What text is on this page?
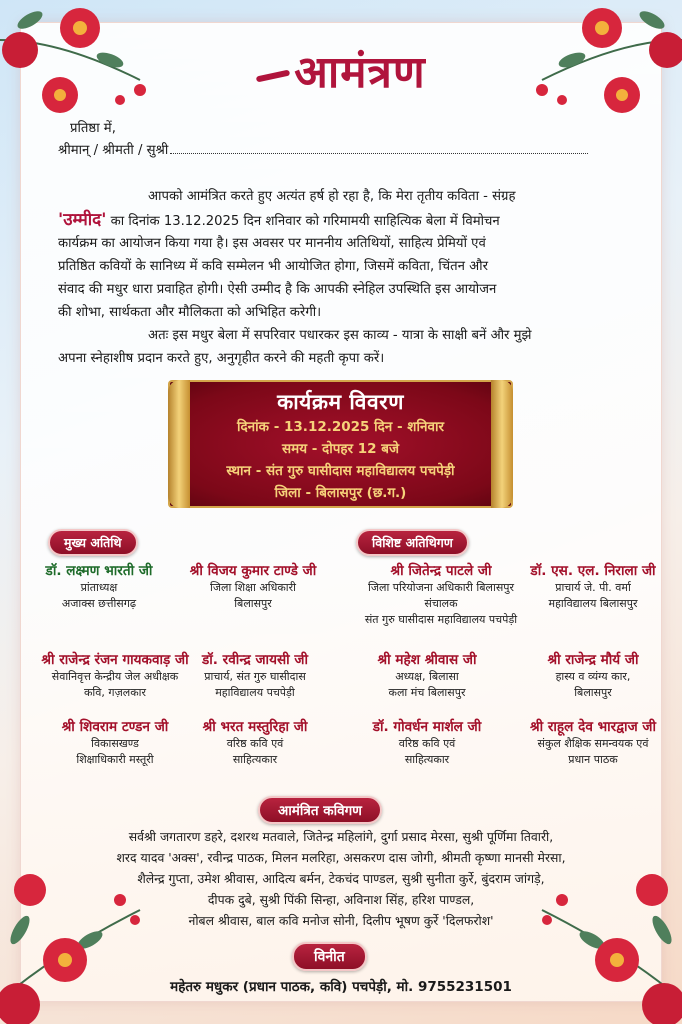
आमंत्रण
प्रतिष्ठा में,
श्रीमान् / श्रीमती / सुश्री
आपको आमंत्रित करते हुए अत्यंत हर्ष हो रहा है, कि मेरा तृतीय कविता - संग्रह
'उम्मीद' का दिनांक 13.12.2025 दिन शनिवार को गरिमामयी साहित्यिक बेला में विमोचन
कार्यक्रम का आयोजन किया गया है। इस अवसर पर माननीय अतिथियों, साहित्य प्रेमियों एवं
प्रतिष्ठित कवियों के सानिध्य में कवि सम्मेलन भी आयोजित होगा, जिसमें कविता, चिंतन और
संवाद की मधुर धारा प्रवाहित होगी। ऐसी उम्मीद है कि आपकी स्नेहिल उपस्थिति इस आयोजन
की शोभा, सार्थकता और मौलिकता को अभिहित करेगी।
अतः इस मधुर बेला में सपरिवार पधारकर इस काव्य - यात्रा के साक्षी बनें और मुझे
अपना स्नेहाशीष प्रदान करते हुए, अनुगृहीत करने की महती कृपा करें।
कार्यक्रम विवरण
दिनांक - 13.12.2025 दिन - शनिवार
समय - दोपहर 12 बजे
स्थान - संत गुरु घासीदास महाविद्यालय पचपेड़ी
जिला - बिलासपुर (छ.ग.)
मुख्य अतिथि	विशिष्ट अतिथिगण
डॉ. लक्ष्मण भारती जी
प्रांताध्यक्ष
अजाक्स छत्तीसगढ़
श्री विजय कुमार टाण्डे जी
जिला शिक्षा अधिकारी
बिलासपुर
श्री जितेन्द्र पाटले जी
जिला परियोजना अधिकारी बिलासपुर
संचालक
संत गुरु घासीदास महाविद्यालय पचपेड़ी
डॉ. एस. एल. निराला जी
प्राचार्य जे. पी. वर्मा
महाविद्यालय बिलासपुर
श्री राजेन्द्र रंजन गायकवाड़ जी
सेवानिवृत्त केन्द्रीय जेल अधीक्षक
कवि, गज़लकार
डॉ. रवीन्द्र जायसी जी
प्राचार्य, संत गुरु घासीदास
महाविद्यालय पचपेड़ी
श्री महेश श्रीवास जी
अध्यक्ष, बिलासा
कला मंच बिलासपुर
श्री राजेन्द्र मौर्य जी
हास्य व व्यंग्य कार,
बिलासपुर
श्री शिवराम टण्डन जी
विकासखण्ड
शिक्षाधिकारी मस्तूरी
श्री भरत मस्तुरिहा जी
वरिष्ठ कवि एवं
साहित्यकार
डॉ. गोवर्धन मार्शल जी
वरिष्ठ कवि एवं
साहित्यकार
श्री राहूल देव भारद्वाज जी
संकुल शैक्षिक समन्वयक एवं
प्रधान पाठक
आमंत्रित कविगण
सर्वश्री जगतारण डहरे, दशरथ मतवाले, जितेन्द्र महिलांगे, दुर्गा प्रसाद मेरसा, सुश्री पूर्णिमा तिवारी,
शरद यादव 'अक्स', रवीन्द्र पाठक, मिलन मलरिहा, असकरण दास जोगी, श्रीमती कृष्णा मानसी मेरसा,
शैलेन्द्र गुप्ता, उमेश श्रीवास, आदित्य बर्मन, टेकचंद पाण्डल, सुश्री सुनीता कुर्रे, बुंदराम जांगड़े,
दीपक दुबे, सुश्री पिंकी सिन्हा, अविनाश सिंह, हरिश पाण्डल,
नोबल श्रीवास, बाल कवि मनोज सोनी, दिलीप भूषण कुर्रे 'दिलफरोश'
विनीत
महेतरु मधुकर (प्रधान पाठक, कवि) पचपेड़ी, मो. 9755231501
